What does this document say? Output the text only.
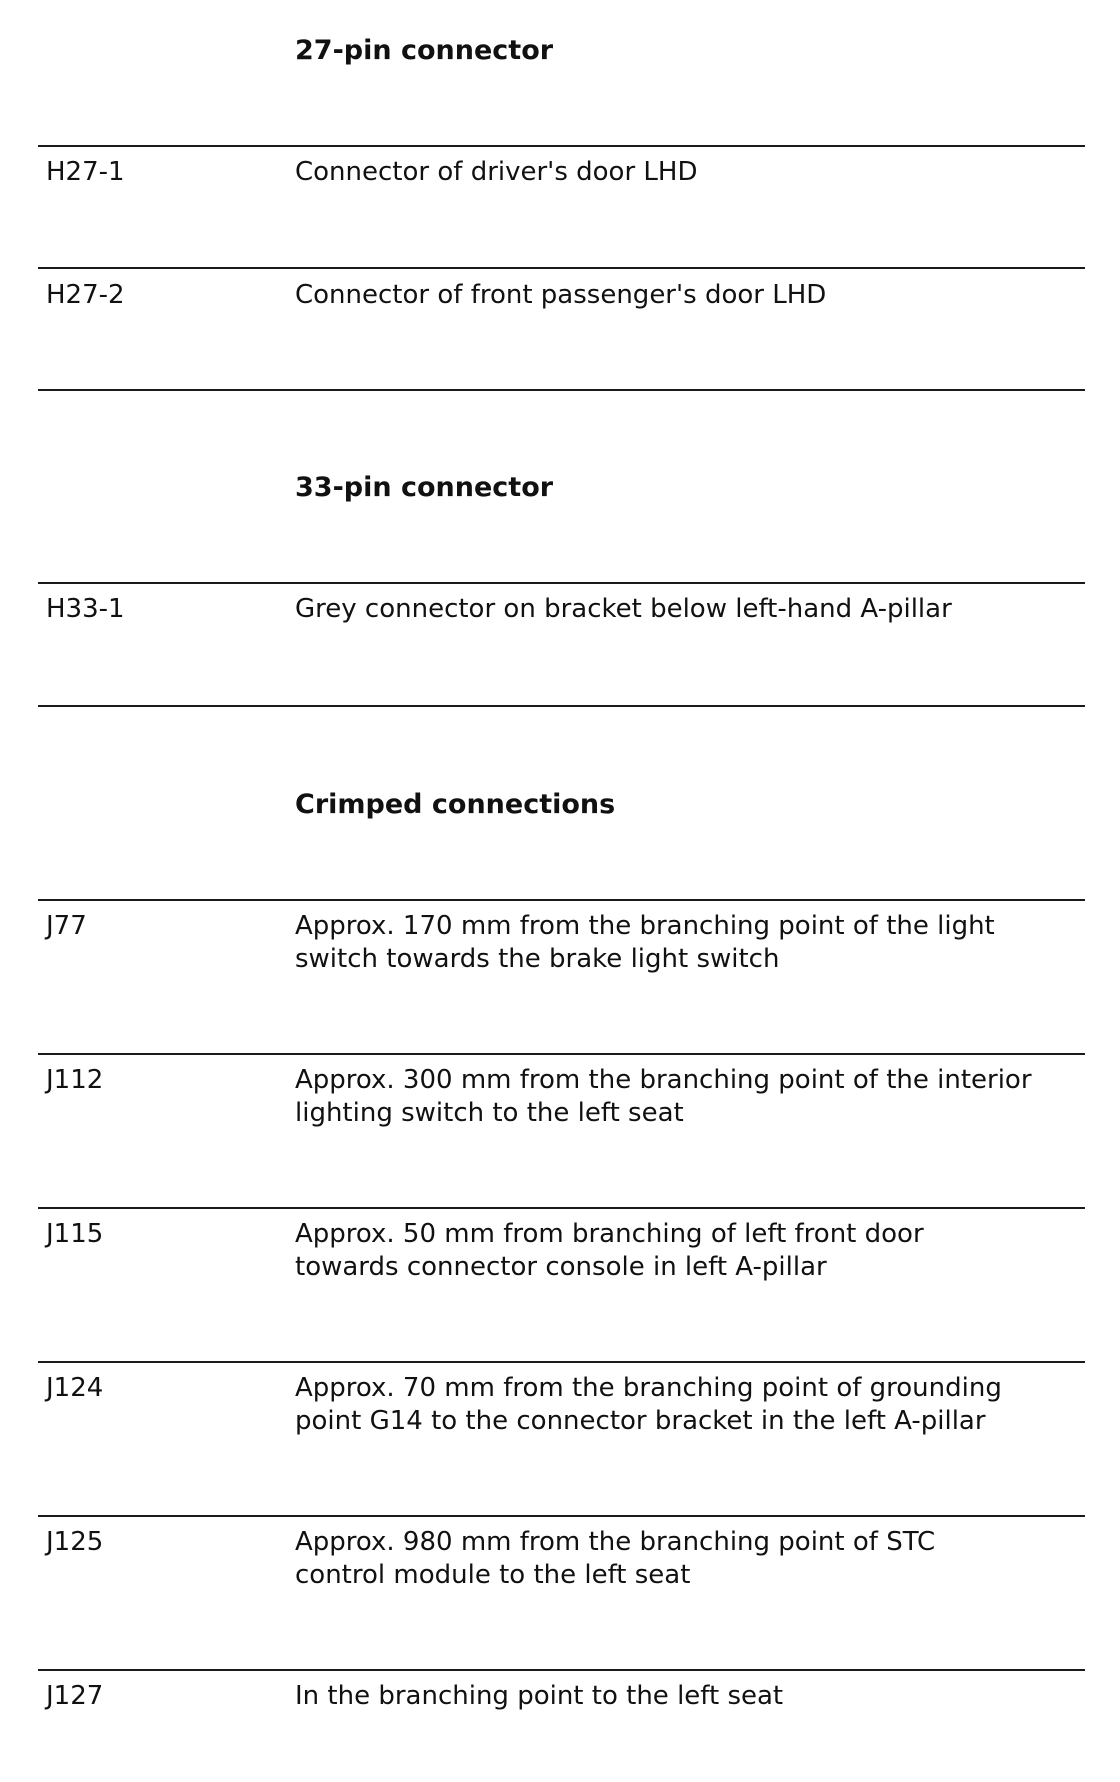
27-pin connector
H27-1	Connector of driver's door LHD
H27-2	Connector of front passenger's door LHD
33-pin connector
H33-1	Grey connector on bracket below left-hand A-pillar
Crimped connections
J77	Approx. 170 mm from the branching point of the light
switch towards the brake light switch
J112	Approx. 300 mm from the branching point of the interior
lighting switch to the left seat
J115	Approx. 50 mm from branching of left front door
towards connector console in left A-pillar
J124	Approx. 70 mm from the branching point of grounding
point G14 to the connector bracket in the left A-pillar
J125	Approx. 980 mm from the branching point of STC
control module to the left seat
J127	In the branching point to the left seat
